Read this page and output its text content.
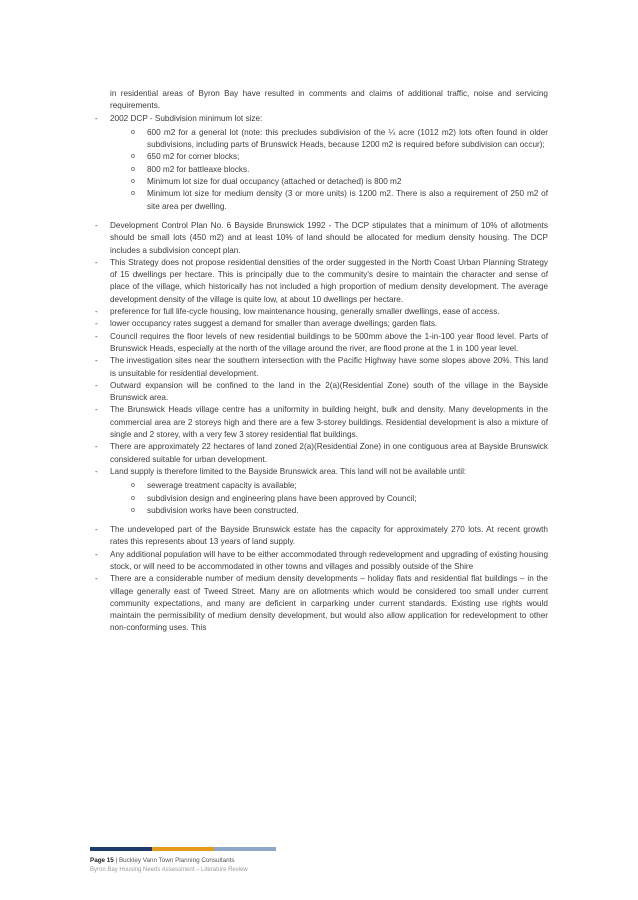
in residential areas of Byron Bay have resulted in comments and claims of additional traffic, noise and servicing requirements.
- 2002 DCP - Subdivision minimum lot size:
o 600 m2 for a general lot (note: this precludes subdivision of the ¼ acre (1012 m2) lots often found in older subdivisions, including parts of Brunswick Heads, because 1200 m2 is required before subdivision can occur);
o 650 m2 for corner blocks;
o 800 m2 for battleaxe blocks.
o Minimum lot size for dual occupancy (attached or detached) is 800 m2
o Minimum lot size for medium density (3 or more units) is 1200 m2. There is also a requirement of 250 m2 of site area per dwelling.
- Development Control Plan No. 6 Bayside Brunswick 1992 - The DCP stipulates that a minimum of 10% of allotments should be small lots (450 m2) and at least 10% of land should be allocated for medium density housing. The DCP includes a subdivision concept plan.
- This Strategy does not propose residential densities of the order suggested in the North Coast Urban Planning Strategy of 15 dwellings per hectare. This is principally due to the community's desire to maintain the character and sense of place of the village, which historically has not included a high proportion of medium density development. The average development density of the village is quite low, at about 10 dwellings per hectare.
- preference for full life-cycle housing, low maintenance housing, generally smaller dwellings, ease of access.
- lower occupancy rates suggest a demand for smaller than average dwellings; garden flats.
- Council requires the floor levels of new residential buildings to be 500mm above the 1-in-100 year flood level. Parts of Brunswick Heads, especially at the north of the village around the river, are flood prone at the 1 in 100 year level.
- The investigation sites near the southern intersection with the Pacific Highway have some slopes above 20%. This land is unsuitable for residential development.
- Outward expansion will be confined to the land in the 2(a)(Residential Zone) south of the village in the Bayside Brunswick area.
- The Brunswick Heads village centre has a uniformity in building height, bulk and density. Many developments in the commercial area are 2 storeys high and there are a few 3-storey buildings. Residential development is also a mixture of single and 2 storey, with a very few 3 storey residential flat buildings.
- There are approximately 22 hectares of land zoned 2(a)(Residential Zone) in one contiguous area at Bayside Brunswick considered suitable for urban development.
- Land supply is therefore limited to the Bayside Brunswick area. This land will not be available until:
o sewerage treatment capacity is available;
o subdivision design and engineering plans have been approved by Council;
o subdivision works have been constructed.
- The undeveloped part of the Bayside Brunswick estate has the capacity for approximately 270 lots. At recent growth rates this represents about 13 years of land supply.
- Any additional population will have to be either accommodated through redevelopment and upgrading of existing housing stock, or will need to be accommodated in other towns and villages and possibly outside of the Shire
- There are a considerable number of medium density developments – holiday flats and residential flat buildings – in the village generally east of Tweed Street. Many are on allotments which would be considered too small under current community expectations, and many are deficient in carparking under current standards. Existing use rights would maintain the permissibility of medium density development, but would also allow application for redevelopment to other non-conforming uses. This
Page 15 | Buckley Vann Town Planning Consultants
Byron Bay Housing Needs Assessment – Literature Review
